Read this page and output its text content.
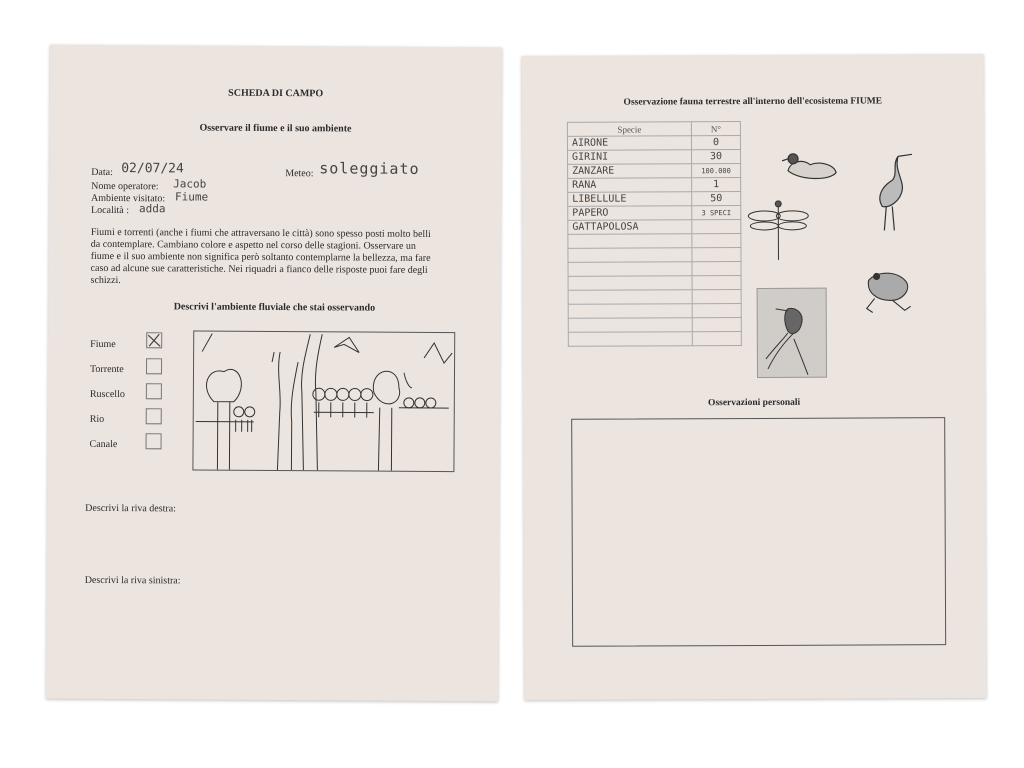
SCHEDA DI CAMPO
Osservare il fiume e il suo ambiente
Data: 02/07/24	Meteo: soleggiato
Nome operatore: Jacob
Ambiente visitato: Fiume
Località : adda
Fiumi e torrenti (anche i fiumi che attraversano le città) sono spesso posti molto belli
da contemplare. Cambiano colore e aspetto nel corso delle stagioni. Osservare un
fiume e il suo ambiente non significa però soltanto contemplarne la bellezza, ma fare
caso ad alcune sue caratteristiche. Nei riquadri a fianco delle risposte puoi fare degli
schizzi.
Descrivi l'ambiente fluviale che stai osservando
Fiume
Torrente
Ruscello
Rio
Canale
Descrivi la riva destra:
Descrivi la riva sinistra:
Osservazione fauna terrestre all'interno dell'ecosistema FIUME
Specie	N°
AIRONE	0
GIRINI	30
ZANZARE	100.000
RANA	1
LIBELLULE	50
PAPERO	3 SPECI
GATTAPOLOSA	

Osservazioni personali
